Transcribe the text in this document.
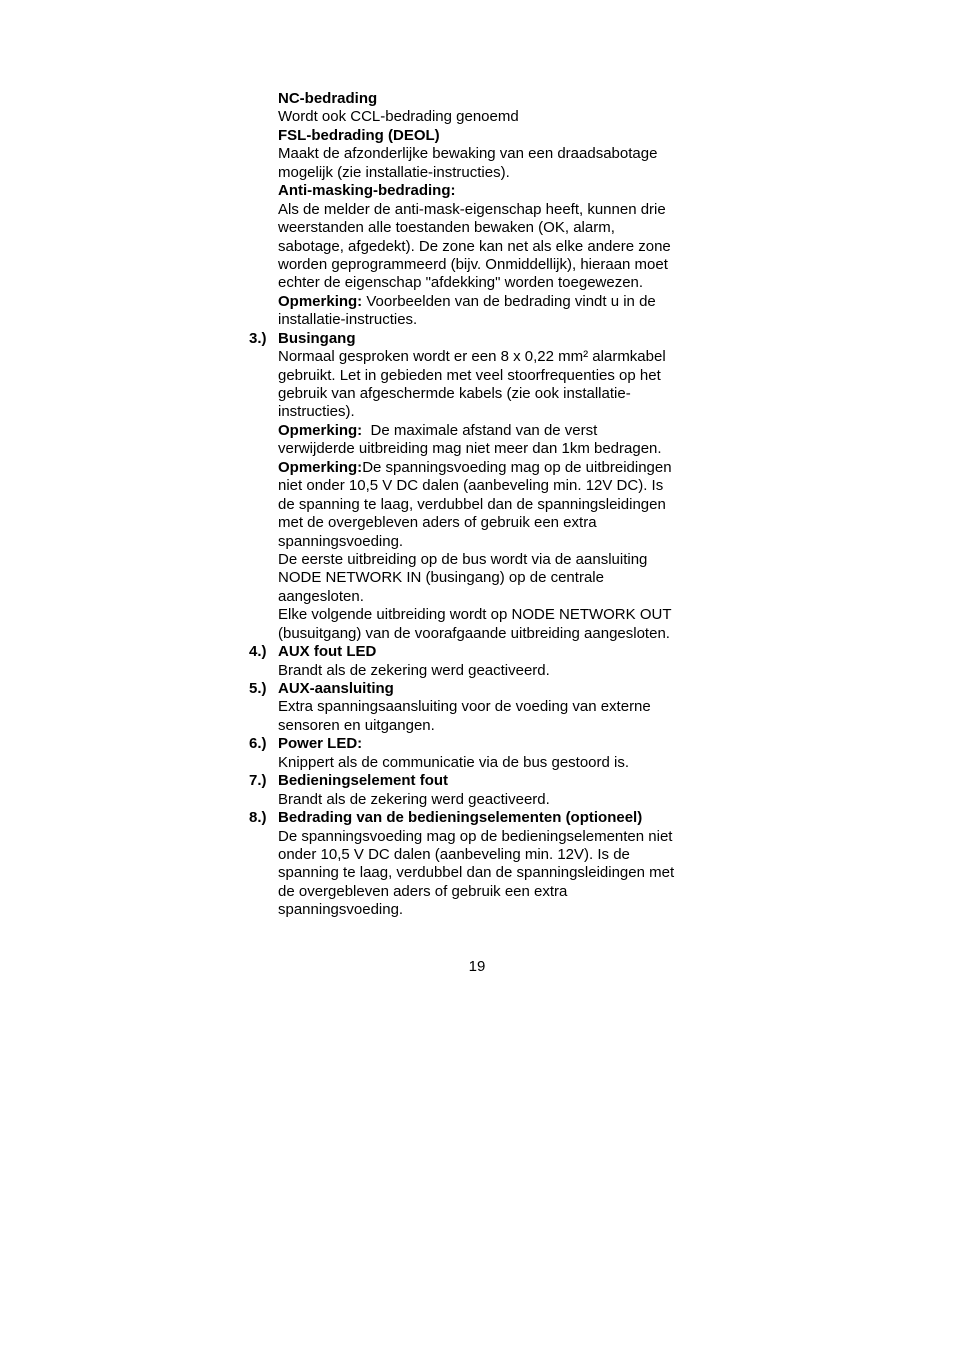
NC-bedrading
Wordt ook CCL-bedrading genoemd
FSL-bedrading (DEOL)
Maakt de afzonderlijke bewaking van een draadsabotage
mogelijk (zie installatie-instructies).
Anti-masking-bedrading:
Als de melder de anti-mask-eigenschap heeft, kunnen drie
weerstanden alle toestanden bewaken (OK, alarm,
sabotage, afgedekt). De zone kan net als elke andere zone
worden geprogrammeerd (bijv. Onmiddellijk), hieraan moet
echter de eigenschap "afdekking" worden toegewezen.
Opmerking: Voorbeelden van de bedrading vindt u in de
installatie-instructies.
3.) Busingang
Normaal gesproken wordt er een 8 x 0,22 mm² alarmkabel
gebruikt. Let in gebieden met veel stoorfrequenties op het
gebruik van afgeschermde kabels (zie ook installatie-
instructies).
Opmerking:  De maximale afstand van de verst
verwijderde uitbreiding mag niet meer dan 1km bedragen.
Opmerking:De spanningsvoeding mag op de uitbreidingen
niet onder 10,5 V DC dalen (aanbeveling min. 12V DC). Is
de spanning te laag, verdubbel dan de spanningsleidingen
met de overgebleven aders of gebruik een extra
spanningsvoeding.
De eerste uitbreiding op de bus wordt via de aansluiting
NODE NETWORK IN (busingang) op de centrale
aangesloten.
Elke volgende uitbreiding wordt op NODE NETWORK OUT
(busuitgang) van de voorafgaande uitbreiding aangesloten.
4.) AUX fout LED
Brandt als de zekering werd geactiveerd.
5.) AUX-aansluiting
Extra spanningsaansluiting voor de voeding van externe
sensoren en uitgangen.
6.) Power LED:
Knippert als de communicatie via de bus gestoord is.
7.) Bedieningselement fout
Brandt als de zekering werd geactiveerd.
8.) Bedrading van de bedieningselementen (optioneel)
De spanningsvoeding mag op de bedieningselementen niet
onder 10,5 V DC dalen (aanbeveling min. 12V). Is de
spanning te laag, verdubbel dan de spanningsleidingen met
de overgebleven aders of gebruik een extra
spanningsvoeding.
19
